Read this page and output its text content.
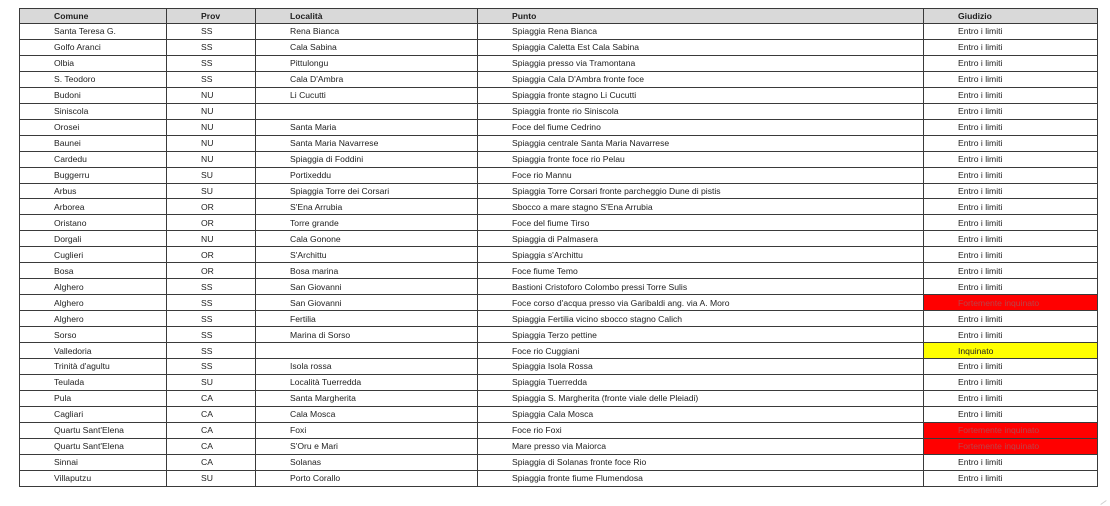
Comune	Prov	Località	Punto	Giudizio
Santa Teresa G.	SS	Rena Bianca	Spiaggia Rena Bianca	Entro i limiti
Golfo Aranci	SS	Cala Sabina	Spiaggia Caletta Est Cala Sabina	Entro i limiti
Olbia	SS	Pittulongu	Spiaggia presso via Tramontana	Entro i limiti
S. Teodoro	SS	Cala D'Ambra	Spiaggia Cala D'Ambra fronte foce	Entro i limiti
Budoni	NU	Li Cucutti	Spiaggia fronte stagno Li Cucutti	Entro i limiti
Siniscola	NU		Spiaggia fronte rio Siniscola	Entro i limiti
Orosei	NU	Santa Maria	Foce del fiume Cedrino	Entro i limiti
Baunei	NU	Santa Maria Navarrese	Spiaggia centrale Santa Maria Navarrese	Entro i limiti
Cardedu	NU	Spiaggia di Foddini	Spiaggia fronte foce rio Pelau	Entro i limiti
Buggerru	SU	Portixeddu	Foce rio Mannu	Entro i limiti
Arbus	SU	Spiaggia Torre dei Corsari	Spiaggia Torre Corsari fronte parcheggio Dune di pistis	Entro i limiti
Arborea	OR	S'Ena Arrubia	Sbocco a mare stagno S'Ena Arrubia	Entro i limiti
Oristano	OR	Torre grande	Foce del fiume Tirso	Entro i limiti
Dorgali	NU	Cala Gonone	Spiaggia di Palmasera	Entro i limiti
Cuglieri	OR	S'Archittu	Spiaggia s'Archittu	Entro i limiti
Bosa	OR	Bosa marina	Foce fiume Temo	Entro i limiti
Alghero	SS	San Giovanni	Bastioni Cristoforo Colombo pressi Torre Sulis	Entro i limiti
Alghero	SS	San Giovanni	Foce corso d'acqua presso via Garibaldi ang. via A. Moro	Fortemente inquinato
Alghero	SS	Fertilia	Spiaggia Fertilia vicino sbocco stagno Calich	Entro i limiti
Sorso	SS	Marina di Sorso	Spiaggia Terzo pettine	Entro i limiti
Valledoria	SS		Foce rio Cuggiani	Inquinato
Trinità d'agultu	SS	Isola rossa	Spiaggia Isola Rossa	Entro i limiti
Teulada	SU	Località Tuerredda	Spiaggia Tuerredda	Entro i limiti
Pula	CA	Santa Margherita	Spiaggia S. Margherita (fronte viale delle Pleiadi)	Entro i limiti
Cagliari	CA	Cala Mosca	Spiaggia Cala Mosca	Entro i limiti
Quartu Sant'Elena	CA	Foxi	Foce rio Foxi	Fortemente inquinato
Quartu Sant'Elena	CA	S'Oru e Mari	Mare presso via Maiorca	Fortemente inquinato
Sinnai	CA	Solanas	Spiaggia di Solanas fronte foce Rio	Entro i limiti
Villaputzu	SU	Porto Corallo	Spiaggia fronte fiume Flumendosa	Entro i limiti
